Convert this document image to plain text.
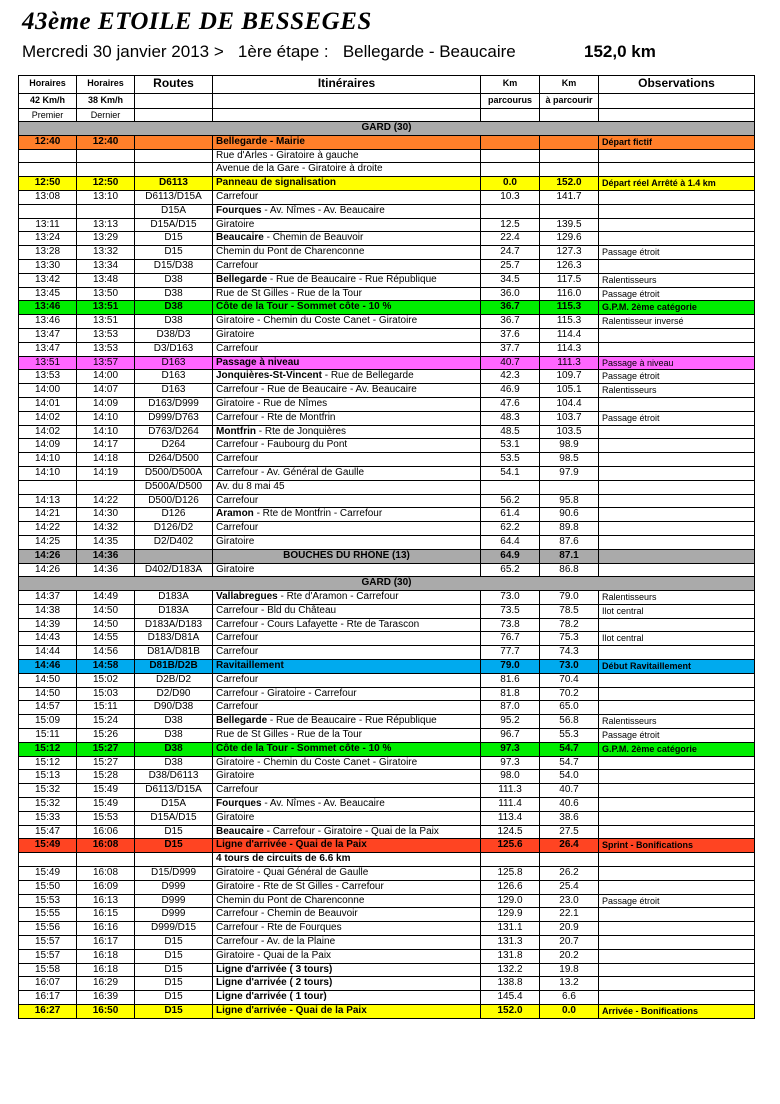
43ème ETOILE DE BESSEGES
Mercredi 30 janvier 2013 >   1ère étape :   Bellegarde - Beaucaire	152,0 km
Horaires	Horaires	Routes	Itinéraires	Km	Km	Observations
42 Km/h	38 Km/h			parcourus	à parcourir	
Premier	Dernier					
GARD (30)						
12:40	12:40		Bellegarde - Mairie			Départ fictif
			Rue d'Arles - Giratoire à gauche			
			Avenue de la Gare - Giratoire à droite			
12:50	12:50	D6113	Panneau de signalisation	0.0	152.0	Départ réel Arrêté à 1.4 km
13:08	13:10	D6113/D15A	Carrefour	10.3	141.7	
		D15A	Fourques - Av. Nîmes - Av. Beaucaire			
13:11	13:13	D15A/D15	Giratoire	12.5	139.5	
13:24	13:29	D15	Beaucaire - Chemin de Beauvoir	22.4	129.6	
13:28	13:32	D15	Chemin du Pont de Charenconne	24.7	127.3	Passage étroit
13:30	13:34	D15/D38	Carrefour	25.7	126.3	
13:42	13:48	D38	Bellegarde - Rue de Beaucaire - Rue République	34.5	117.5	Ralentisseurs
13:45	13:50	D38	Rue de St Gilles - Rue de la Tour	36.0	116.0	Passage étroit
13:46	13:51	D38	Côte de la Tour - Sommet côte - 10 %	36.7	115.3	G.P.M. 2ème catégorie
13:46	13:51	D38	Giratoire - Chemin du Coste Canet - Giratoire	36.7	115.3	Ralentisseur inversé
13:47	13:53	D38/D3	Giratoire	37.6	114.4	
13:47	13:53	D3/D163	Carrefour	37.7	114.3	
13:51	13:57	D163	Passage à niveau	40.7	111.3	Passage à niveau
13:53	14:00	D163	Jonquières-St-Vincent - Rue de Bellegarde	42.3	109.7	Passage étroit
14:00	14:07	D163	Carrefour - Rue de Beaucaire - Av. Beaucaire	46.9	105.1	Ralentisseurs
14:01	14:09	D163/D999	Giratoire - Rue de Nîmes	47.6	104.4	
14:02	14:10	D999/D763	Carrefour - Rte de Montfrin	48.3	103.7	Passage étroit
14:02	14:10	D763/D264	Montfrin - Rte de Jonquières	48.5	103.5	
14:09	14:17	D264	Carrefour - Faubourg du Pont	53.1	98.9	
14:10	14:18	D264/D500	Carrefour	53.5	98.5	
14:10	14:19	D500/D500A	Carrefour - Av. Général de Gaulle	54.1	97.9	
		D500A/D500	Av. du 8 mai 45			
14:13	14:22	D500/D126	Carrefour	56.2	95.8	
14:21	14:30	D126	Aramon - Rte de Montfrin - Carrefour	61.4	90.6	
14:22	14:32	D126/D2	Carrefour	62.2	89.8	
14:25	14:35	D2/D402	Giratoire	64.4	87.6	
14:26	14:36		BOUCHES DU RHÔNE (13)	64.9	87.1	
14:26	14:36	D402/D183A	Giratoire	65.2	86.8	
GARD (30)						
14:37	14:49	D183A	Vallabregues - Rte d'Aramon - Carrefour	73.0	79.0	Ralentisseurs
14:38	14:50	D183A	Carrefour - Bld du Château	73.5	78.5	Ilot central
14:39	14:50	D183A/D183	Carrefour - Cours Lafayette - Rte de Tarascon	73.8	78.2	
14:43	14:55	D183/D81A	Carrefour	76.7	75.3	Ilot central
14:44	14:56	D81A/D81B	Carrefour	77.7	74.3	
14:46	14:58	D81B/D2B	Ravitaillement	79.0	73.0	Début Ravitaillement
14:50	15:02	D2B/D2	Carrefour	81.6	70.4	
14:50	15:03	D2/D90	Carrefour - Giratoire - Carrefour	81.8	70.2	
14:57	15:11	D90/D38	Carrefour	87.0	65.0	
15:09	15:24	D38	Bellegarde - Rue de Beaucaire - Rue République	95.2	56.8	Ralentisseurs
15:11	15:26	D38	Rue de St Gilles - Rue de la Tour	96.7	55.3	Passage étroit
15:12	15:27	D38	Côte de la Tour - Sommet côte - 10 %	97.3	54.7	G.P.M. 2ème catégorie
15:12	15:27	D38	Giratoire - Chemin du Coste Canet - Giratoire	97.3	54.7	
15:13	15:28	D38/D6113	Giratoire	98.0	54.0	
15:32	15:49	D6113/D15A	Carrefour	111.3	40.7	
15:32	15:49	D15A	Fourques - Av. Nîmes - Av. Beaucaire	111.4	40.6	
15:33	15:53	D15A/D15	Giratoire	113.4	38.6	
15:47	16:06	D15	Beaucaire - Carrefour - Giratoire - Quai de la Paix	124.5	27.5	
15:49	16:08	D15	Ligne d'arrivée - Quai de la Paix	125.6	26.4	Sprint - Bonifications
			4 tours de circuits de 6.6 km			
15:49	16:08	D15/D999	Giratoire - Quai Général de Gaulle	125.8	26.2	
15:50	16:09	D999	Giratoire - Rte de St Gilles - Carrefour	126.6	25.4	
15:53	16:13	D999	Chemin du Pont de Charenconne	129.0	23.0	Passage étroit
15:55	16:15	D999	Carrefour - Chemin de Beauvoir	129.9	22.1	
15:56	16:16	D999/D15	Carrefour - Rte de Fourques	131.1	20.9	
15:57	16:17	D15	Carrefour - Av. de la Plaine	131.3	20.7	
15:57	16:18	D15	Giratoire - Quai de la Paix	131.8	20.2	
15:58	16:18	D15	Ligne d'arrivée ( 3 tours)	132.2	19.8	
16:07	16:29	D15	Ligne d'arrivée ( 2 tours)	138.8	13.2	
16:17	16:39	D15	Ligne d'arrivée ( 1 tour)	145.4	6.6	
16:27	16:50	D15	Ligne d'arrivée - Quai de la Paix	152.0	0.0	Arrivée - Bonifications
